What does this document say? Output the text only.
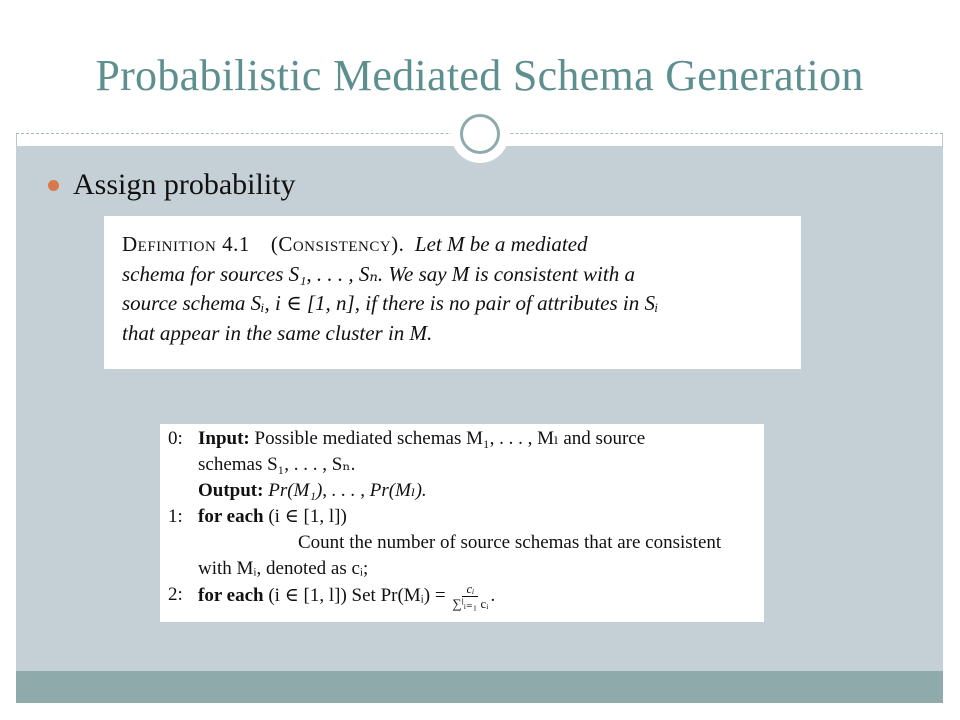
Probabilistic Mediated Schema Generation
Assign probability
Definition 4.1 (Consistency). Let M be a mediated
schema for sources S₁, . . . , Sₙ. We say M is consistent with a
source schema Sᵢ, i ∈ [1, n], if there is no pair of attributes in Sᵢ
that appear in the same cluster in M.
0: Input: Possible mediated schemas M₁, . . . , Mₗ and source
schemas S₁, . . . , Sₙ.
Output: Pr(M₁), . . . , Pr(Mₗ).
1: for each (i ∈ [1, l])
Count the number of source schemas that are consistent
with Mᵢ, denoted as cᵢ;
2: for each (i ∈ [1, l]) Set Pr(Mᵢ) = $\frac{\text{cᵢ}}{\text{∑ˡᵢ₌₁ cᵢ}}$ .
